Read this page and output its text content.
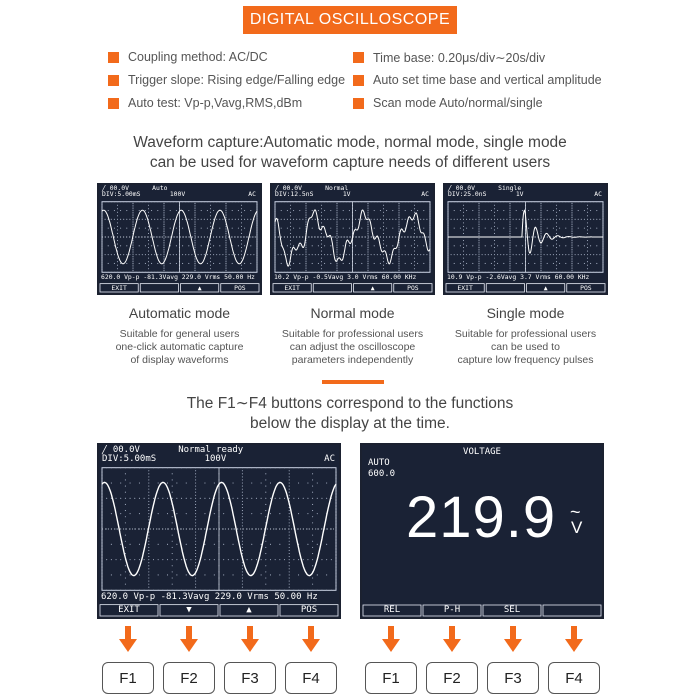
DIGITAL OSCILLOSCOPE
Coupling method: AC/DC
Trigger slope: Rising edge/Falling edge
Auto test: Vp-p,Vavg,RMS,dBm
Time base: 0.20μs/div∼20s/div
Auto set time base and vertical amplitude
Scan mode Auto/normal/single
Waveform capture:Automatic mode, normal mode, single mode
can be used for waveform capture needs of different users
╱ 00.0V
DIV:5.00mS
Auto
100V	AC
620.0 Vp-p -81.3Vavg 229.0 Vrms 50.00 Hz
EXIT	▲	POS
╱ 00.0V
DIV:12.5nS
Normal
1V	AC
10.2 Vp-p -0.5Vavg 3.0 Vrms 60.00 KHz
EXIT	▲	POS
╱ 00.0V
DIV:25.0nS
Single
1V	AC
10.9 Vp-p -2.6Vavg 3.7 Vrms 60.00 KHz
EXIT	▲	POS
Automatic mode	Normal mode	Single mode
Suitable for general users
one-click automatic capture
of display waveforms
Suitable for professional users
can adjust the oscilloscope
parameters independently
Suitable for professional users
can be used to
capture low frequency pulses
The F1∼F4 buttons correspond to the functions
below the display at the time.
╱ 00.0V
DIV:5.00mS
Normal ready
100V	AC
620.0 Vp-p -81.3Vavg 229.0 Vrms 50.00 Hz
EXIT	▼	▲	POS
VOLTAGE
AUTO
600.0
219.9 ~
V
REL	P-H	SEL
F1	F2	F3	F4	F1	F2	F3	F4
